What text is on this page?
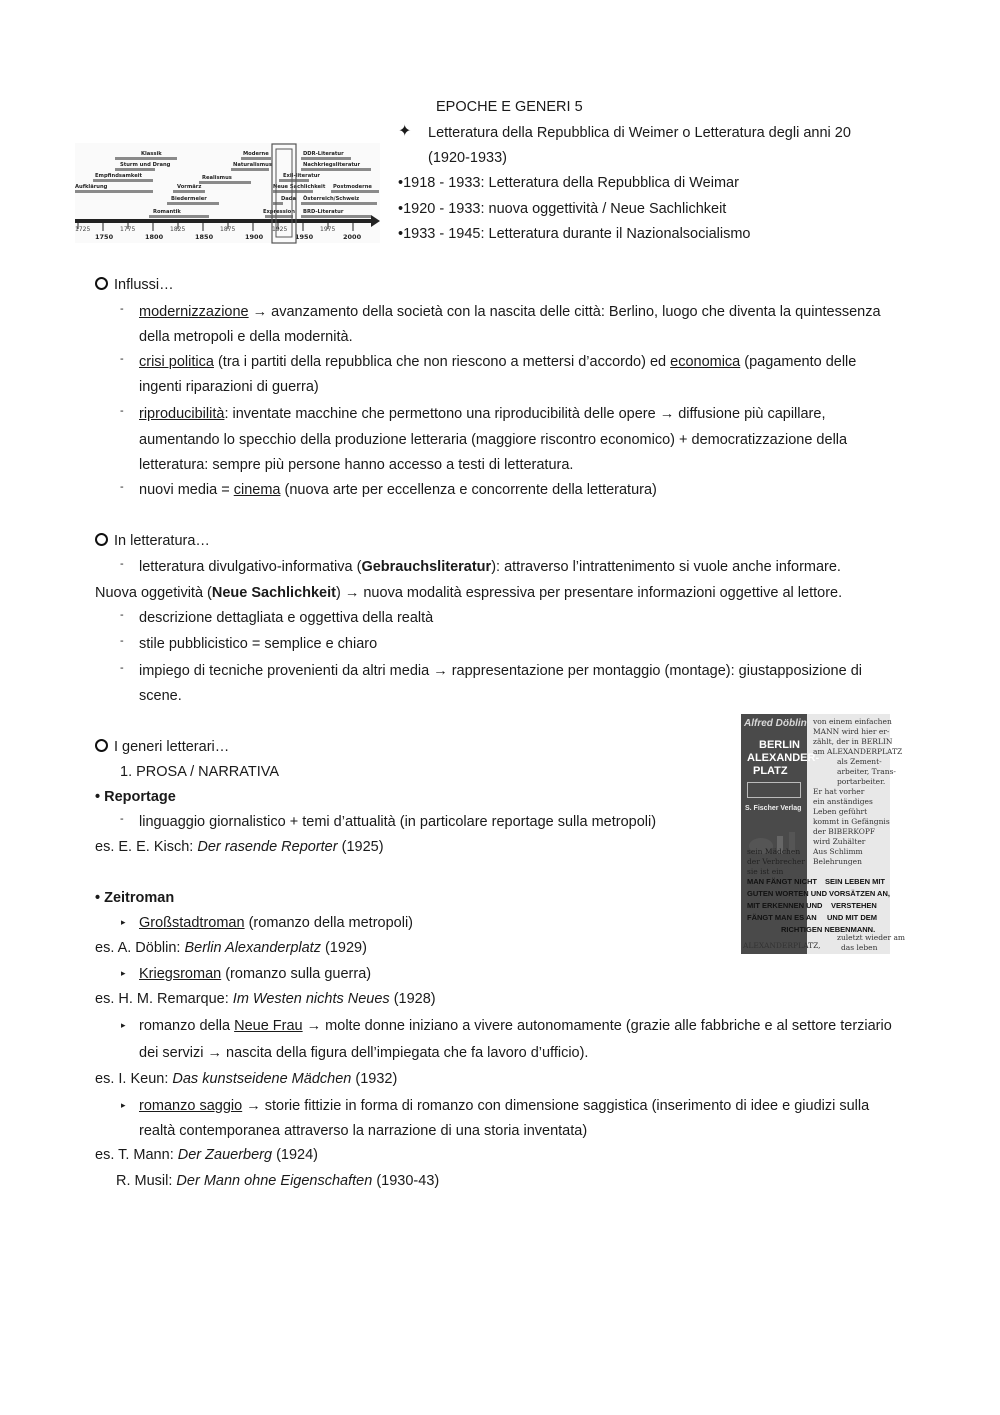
EPOCHE E GENERI 5
✦ Letteratura della Repubblica di Weimer o Letteratura degli anni 20
(1920-1933)
•1918 - 1933: Letteratura della Repubblica di Weimar
•1920 - 1933: nuova oggettività / Neue Sachlichkeit
•1933 - 1945: Letteratura durante il Nazionalsocialismo
Klassik
Sturm und Drang
Empfindsamkeit
Aufklärung	Vormärz
Biedermeier
Romantik
Realismus
Naturalismus
Moderne
Exil-literatur
Neue Sachlichkeit
Dada
Expression
DDR-Literatur
Nachkriegsliteratur
Postmoderne
Österreich/Schweiz
BRD-Literatur
1725	1775	1825	1875	1925	1975
1750	1800	1850	1900	1950	2000
Influssi…
- modernizzazione → avanzamento della società con la nascita delle città: Berlino, luogo che diventa la quintessenza
della metropoli e della modernità.
- crisi politica (tra i partiti della repubblica che non riescono a mettersi d’accordo) ed economica (pagamento delle
ingenti riparazioni di guerra)
- riproducibilità: inventate macchine che permettono una riproducibilità delle opere → diffusione più capillare,
aumentando lo specchio della produzione letteraria (maggiore riscontro economico) + democratizzazione della
letteratura: sempre più persone hanno accesso a testi di letteratura.
- nuovi media = cinema (nuova arte per eccellenza e concorrente della letteratura)
In letteratura…
- letteratura divulgativo-informativa (Gebrauchsliteratur): attraverso l’intrattenimento si vuole anche informare.
Nuova oggetività (Neue Sachlichkeit) → nuova modalità espressiva per presentare informazioni oggettive al lettore.
- descrizione dettagliata e oggettiva della realtà
- stile pubblicistico = semplice e chiaro
- impiego di tecniche provenienti da altri media → rappresentazione per montaggio (montage): giustapposizione di
scene.
I generi letterari…
1. PROSA / NARRATIVA
• Reportage
- linguaggio giornalistico + temi d’attualità (in particolare reportage sulla metropoli)
es. E. E. Kisch: Der rasende Reporter (1925)
• Zeitroman
▸ Großstadtroman (romanzo della metropoli)
es. A. Döblin: Berlin Alexanderplatz (1929)
▸ Kriegsroman (romanzo sulla guerra)
es. H. M. Remarque: Im Westen nichts Neues (1928)
▸ romanzo della Neue Frau → molte donne iniziano a vivere autonomamente (grazie alle fabbriche e al settore terziario
dei servizi → nascita della figura dell’impiegata che fa lavoro d’ufficio).
es. I. Keun: Das kunstseidene Mädchen (1932)
▸ romanzo saggio → storie fittizie in forma di romanzo con dimensione saggistica (inserimento di idee e giudizi sulla
realtà contemporanea attraverso la narrazione di una storia inventata)
es. T. Mann: Der Zauerberg (1924)
R. Musil: Der Mann ohne Eigenschaften (1930-43)
Alfred Döblin
BERLIN
ALEXANDER-
PLATZ
S. Fischer Verlag
von einem einfachen
MANN wird hier er-
zählt, der in BERLIN
am ALEXANDERPLATZ
als Zement-
arbeiter, Trans-
portarbeiter.
Er hat vorher
ein anständiges
Leben geführt
kommt in Gefängnis
der BIBERKOPF
wird Zuhälter
sein Mädchen
der Verbrecher
sie ist ein
Aus Schlimm
Belehrungen
MAN FÄNGT NICHT
GUTEN WORTEN UND
MIT ERKENNEN UND
FÄNGT MAN ES AN
RICHTIGEN NEBENMANN.
SEIN LEBEN MIT
VORSÄTZEN AN,
VERSTEHEN
UND MIT DEM
zuletzt wieder am
ALEXANDERPLATZ,	das leben
